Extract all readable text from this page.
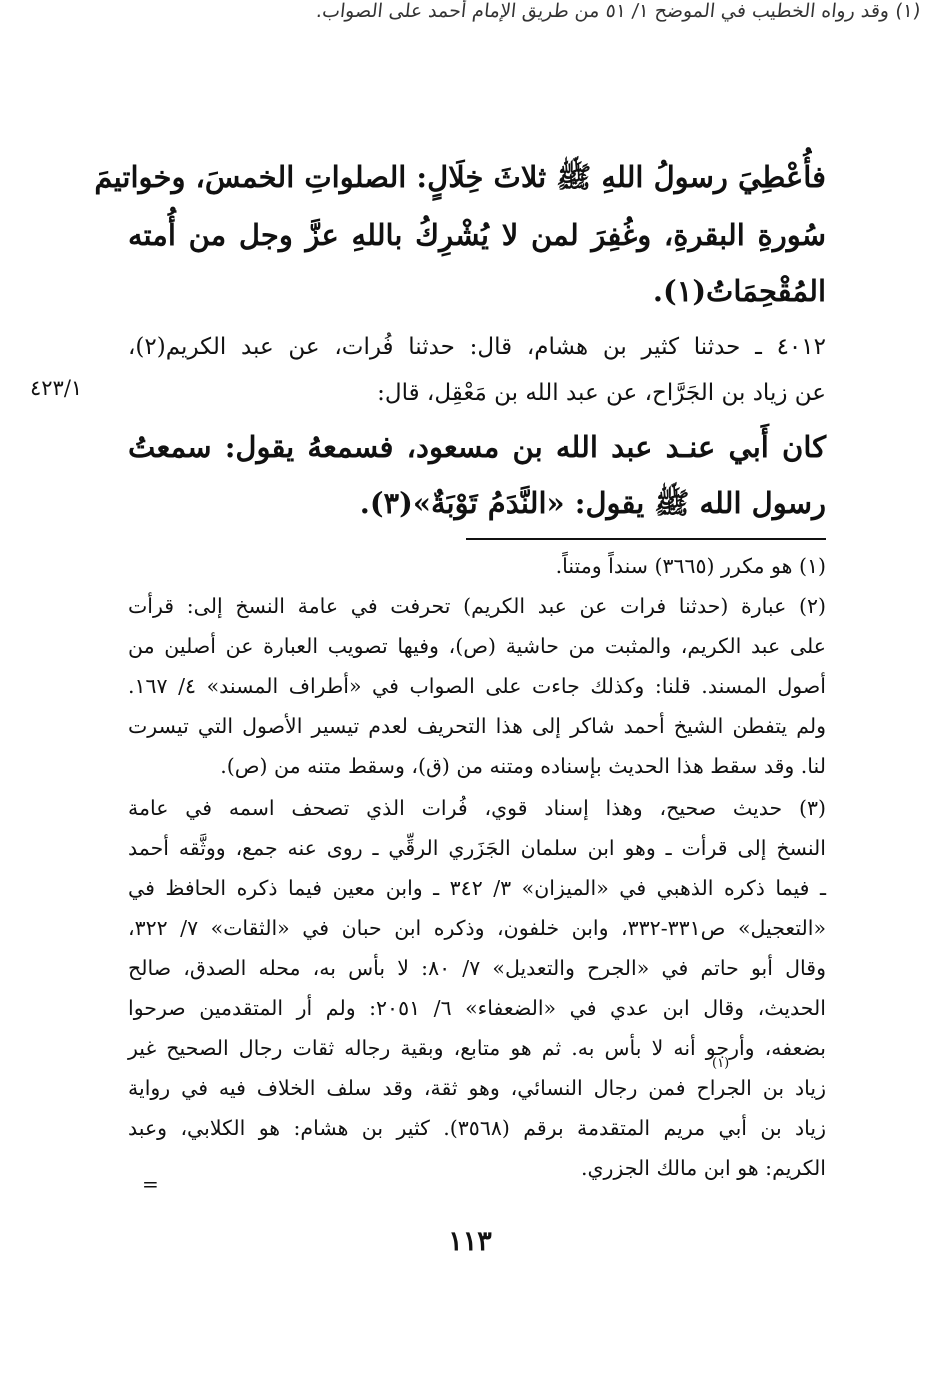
(١) وقد رواه الخطيب في الموضح ١/ ٥١ من طريق الإمام أحمد على الصواب.
فأُعْطِيَ رسولُ اللهِ ﷺ ثلاثَ خِلَالٍ: الصلواتِ الخمسَ، وخواتيمَ
سُورةِ البقرةِ، وغُفِرَ لمن لا يُشْرِكُ باللهِ عزَّ وجل من أُمته
المُقْحِمَاتُ(١).
٤٠١٢ ـ حدثنا كثير بن هشام، قال: حدثنا فُرات، عن عبد الكريم(٢)،
عن زياد بن الجَرَّاح، عن عبد الله بن مَعْقِل، قال:
٤٢٣/١
كان أَبي عنـد عبد الله بن مسعود، فسمعهُ يقول: سمعتُ
رسول الله ﷺ يقول: «النَّدَمُ تَوْبَةٌ»(٣).
(١) هو مكرر (٣٦٦٥) سنداً ومتناً.
(٢) عبارة (حدثنا فرات عن عبد الكريم) تحرفت في عامة النسخ إلى: قرأت
على عبد الكريم، والمثبت من حاشية (ص)، وفيها تصويب العبارة عن أصلين من
أصول المسند. قلنا: وكذلك جاءت على الصواب في «أطراف المسند» ٤/ ١٦٧.
ولم يتفطن الشيخ أحمد شاكر إلى هذا التحريف لعدم تيسير الأصول التي تيسرت
لنا. وقد سقط هذا الحديث بإسناده ومتنه من (ق)، وسقط متنه من (ص).
(٣) حديث صحيح، وهذا إسناد قوي، فُرات الذي تصحف اسمه في عامة
النسخ إلى قرأت ـ وهو ابن سلمان الجَزَري الرقِّي ـ روى عنه جمع، ووثَّقه أحمد
ـ فيما ذكره الذهبي في «الميزان» ٣/ ٣٤٢ ـ وابن معين فيما ذكره الحافظ في
«التعجيل» ص٣٣١-٣٣٢، وابن خلفون، وذكره ابن حبان في «الثقات» ٧/ ٣٢٢،
وقال أبو حاتم في «الجرح والتعديل» ٧/ ٨٠: لا بأس به، محله الصدق، صالح
الحديث، وقال ابن عدي في «الضعفاء» ٦/ ٢٠٥١: ولم أر المتقدمين صرحوا
بضعفه، وأرجو أنه لا بأس به. ثم هو متابع، وبقية رجاله ثقات رجال الصحيح غير
زياد بن الجراح فمن رجال النسائي، وهو ثقة، وقد سلف الخلاف فيه في رواية
زياد بن أبي مريم المتقدمة برقم (٣٥٦٨). كثير بن هشام: هو الكلابي، وعبد
الكريم: هو ابن مالك الجزري.
(١)
=
١١٣
